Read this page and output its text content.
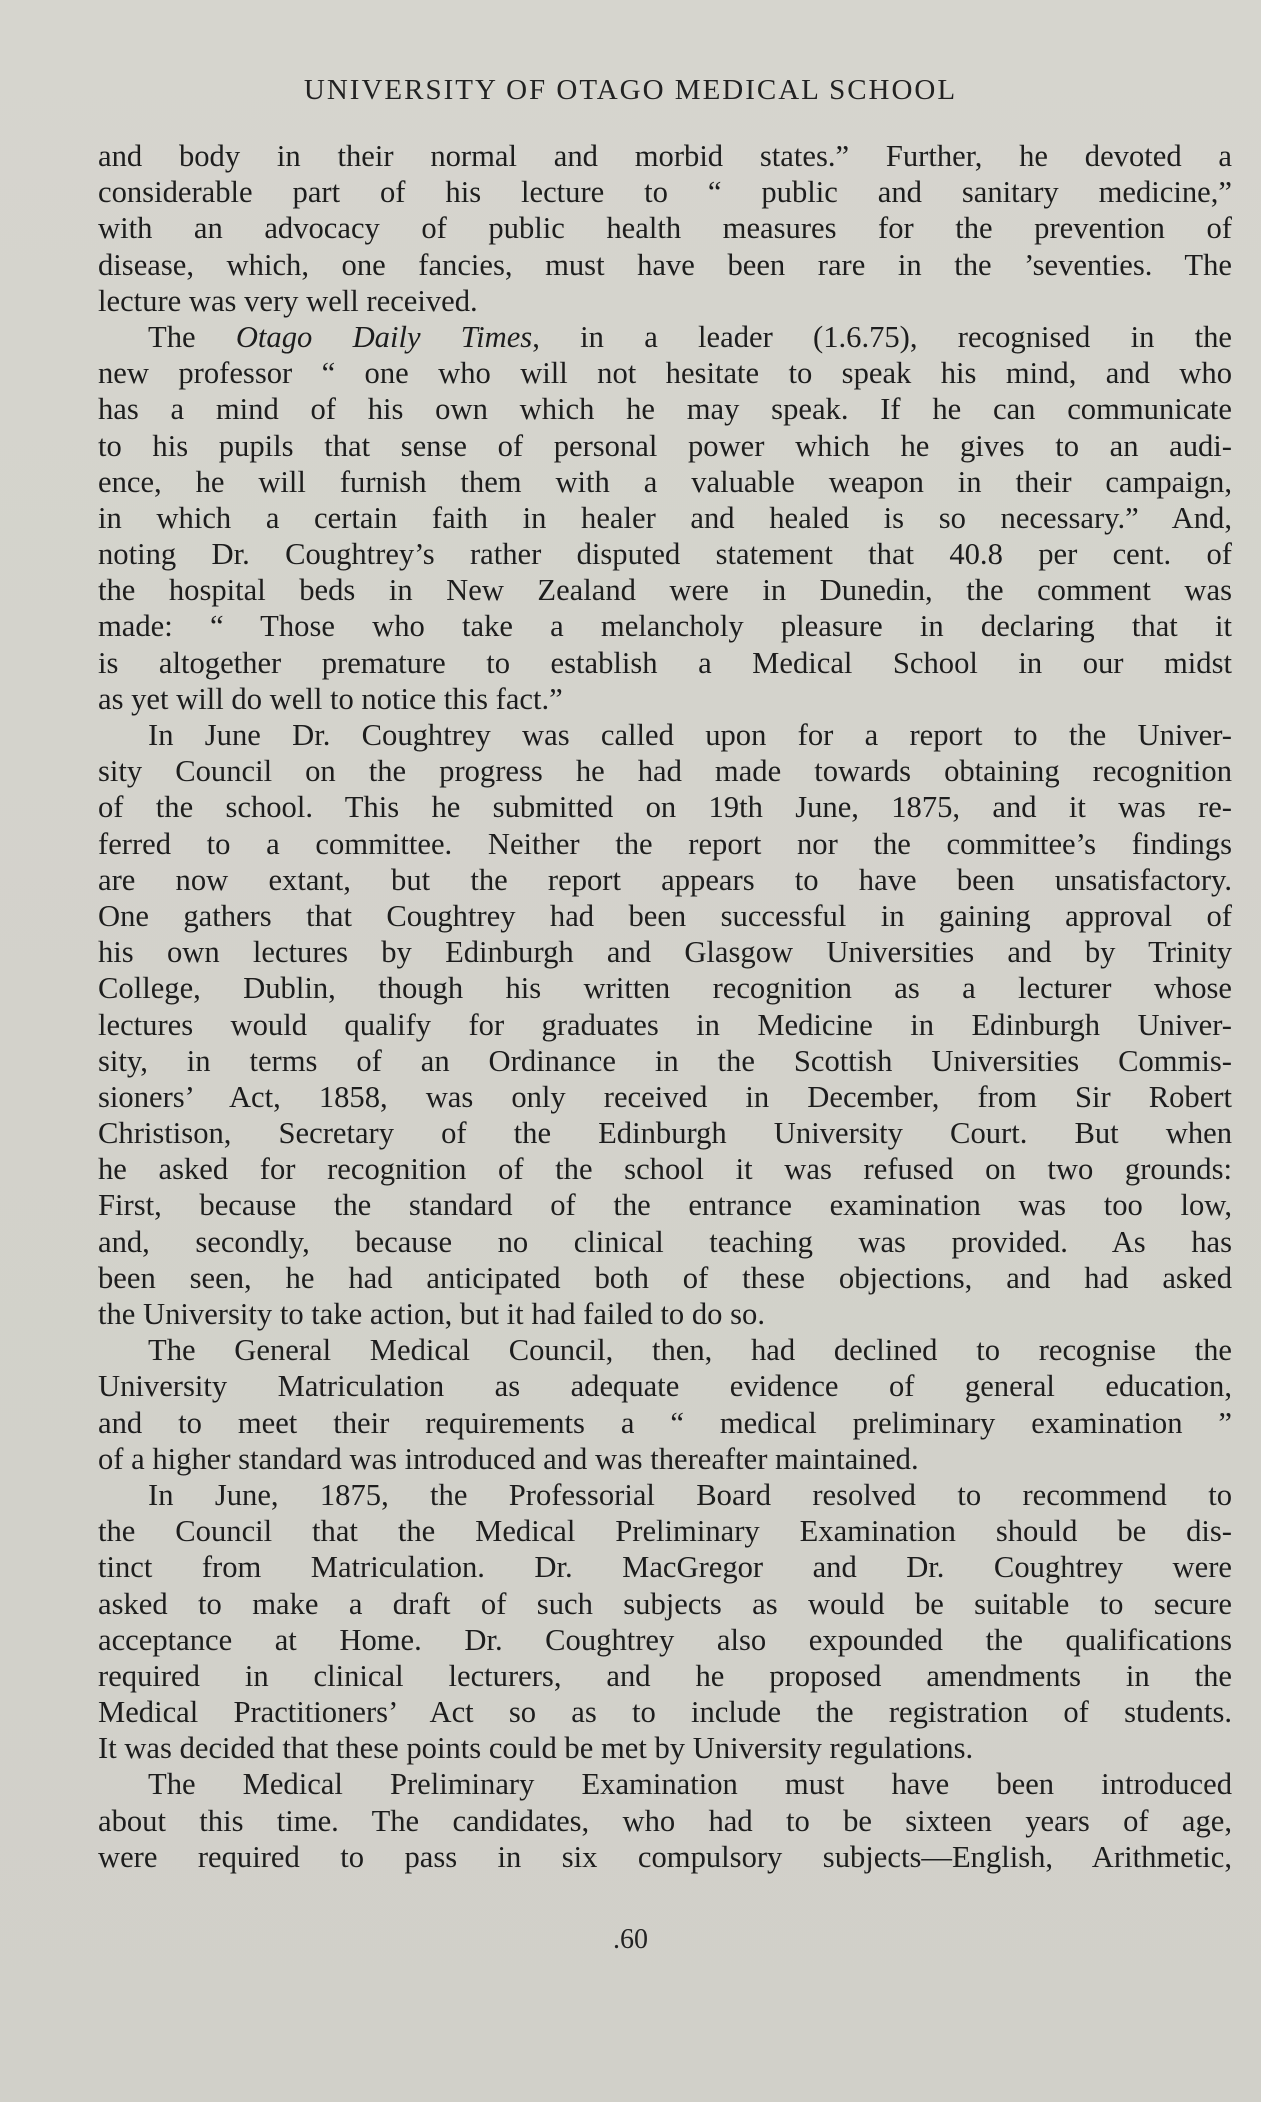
UNIVERSITY OF OTAGO MEDICAL SCHOOL
and body in their normal and morbid states.” Further, he devoted a
considerable part of his lecture to “ public and sanitary medicine,”
with an advocacy of public health measures for the prevention of
disease, which, one fancies, must have been rare in the ’seventies. The
lecture was very well received.
The Otago Daily Times, in a leader (1.6.75), recognised in the
new professor “ one who will not hesitate to speak his mind, and who
has a mind of his own which he may speak. If he can communicate
to his pupils that sense of personal power which he gives to an audi-
ence, he will furnish them with a valuable weapon in their campaign,
in which a certain faith in healer and healed is so necessary.” And,
noting Dr. Coughtrey’s rather disputed statement that 40.8 per cent. of
the hospital beds in New Zealand were in Dunedin, the comment was
made: “ Those who take a melancholy pleasure in declaring that it
is altogether premature to establish a Medical School in our midst
as yet will do well to notice this fact.”
In June Dr. Coughtrey was called upon for a report to the Univer-
sity Council on the progress he had made towards obtaining recognition
of the school. This he submitted on 19th June, 1875, and it was re-
ferred to a committee. Neither the report nor the committee’s findings
are now extant, but the report appears to have been unsatisfactory.
One gathers that Coughtrey had been successful in gaining approval of
his own lectures by Edinburgh and Glasgow Universities and by Trinity
College, Dublin, though his written recognition as a lecturer whose
lectures would qualify for graduates in Medicine in Edinburgh Univer-
sity, in terms of an Ordinance in the Scottish Universities Commis-
sioners’ Act, 1858, was only received in December, from Sir Robert
Christison, Secretary of the Edinburgh University Court. But when
he asked for recognition of the school it was refused on two grounds:
First, because the standard of the entrance examination was too low,
and, secondly, because no clinical teaching was provided. As has
been seen, he had anticipated both of these objections, and had asked
the University to take action, but it had failed to do so.
The General Medical Council, then, had declined to recognise the
University Matriculation as adequate evidence of general education,
and to meet their requirements a “ medical preliminary examination ”
of a higher standard was introduced and was thereafter maintained.
In June, 1875, the Professorial Board resolved to recommend to
the Council that the Medical Preliminary Examination should be dis-
tinct from Matriculation. Dr. MacGregor and Dr. Coughtrey were
asked to make a draft of such subjects as would be suitable to secure
acceptance at Home. Dr. Coughtrey also expounded the qualifications
required in clinical lecturers, and he proposed amendments in the
Medical Practitioners’ Act so as to include the registration of students.
It was decided that these points could be met by University regulations.
The Medical Preliminary Examination must have been introduced
about this time. The candidates, who had to be sixteen years of age,
were required to pass in six compulsory subjects—English, Arithmetic,
.60
